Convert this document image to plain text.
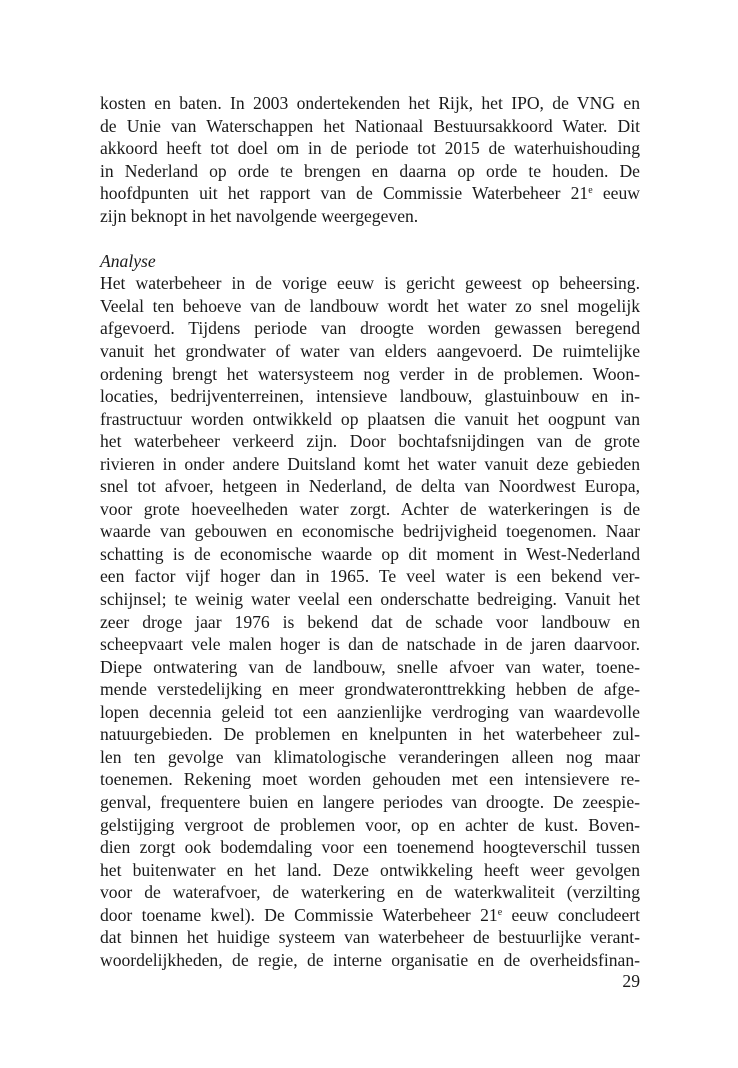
kosten en baten. In 2003 ondertekenden het Rijk, het IPO, de VNG en
de Unie van Waterschappen het Nationaal Bestuursakkoord Water. Dit
akkoord heeft tot doel om in de periode tot 2015 de waterhuishouding
in Nederland op orde te brengen en daarna op orde te houden. De
hoofdpunten uit het rapport van de Commissie Waterbeheer 21e eeuw
zijn beknopt in het navolgende weergegeven.
Analyse
Het waterbeheer in de vorige eeuw is gericht geweest op beheersing.
Veelal ten behoeve van de landbouw wordt het water zo snel mogelijk
afgevoerd. Tijdens periode van droogte worden gewassen beregend
vanuit het grondwater of water van elders aangevoerd. De ruimtelijke
ordening brengt het watersysteem nog verder in de problemen. Woon-
locaties, bedrijventerreinen, intensieve landbouw, glastuinbouw en in-
frastructuur worden ontwikkeld op plaatsen die vanuit het oogpunt van
het waterbeheer verkeerd zijn. Door bochtafsnijdingen van de grote
rivieren in onder andere Duitsland komt het water vanuit deze gebieden
snel tot afvoer, hetgeen in Nederland, de delta van Noordwest Europa,
voor grote hoeveelheden water zorgt. Achter de waterkeringen is de
waarde van gebouwen en economische bedrijvigheid toegenomen. Naar
schatting is de economische waarde op dit moment in West-Nederland
een factor vijf hoger dan in 1965. Te veel water is een bekend ver-
schijnsel; te weinig water veelal een onderschatte bedreiging. Vanuit het
zeer droge jaar 1976 is bekend dat de schade voor landbouw en
scheepvaart vele malen hoger is dan de natschade in de jaren daarvoor.
Diepe ontwatering van de landbouw, snelle afvoer van water, toene-
mende verstedelijking en meer grondwateronttrekking hebben de afge-
lopen decennia geleid tot een aanzienlijke verdroging van waardevolle
natuurgebieden. De problemen en knelpunten in het waterbeheer zul-
len ten gevolge van klimatologische veranderingen alleen nog maar
toenemen. Rekening moet worden gehouden met een intensievere re-
genval, frequentere buien en langere periodes van droogte. De zeespie-
gelstijging vergroot de problemen voor, op en achter de kust. Boven-
dien zorgt ook bodemdaling voor een toenemend hoogteverschil tussen
het buitenwater en het land. Deze ontwikkeling heeft weer gevolgen
voor de waterafvoer, de waterkering en de waterkwaliteit (verzilting
door toename kwel). De Commissie Waterbeheer 21e eeuw concludeert
dat binnen het huidige systeem van waterbeheer de bestuurlijke verant-
woordelijkheden, de regie, de interne organisatie en de overheidsfinan-
29
